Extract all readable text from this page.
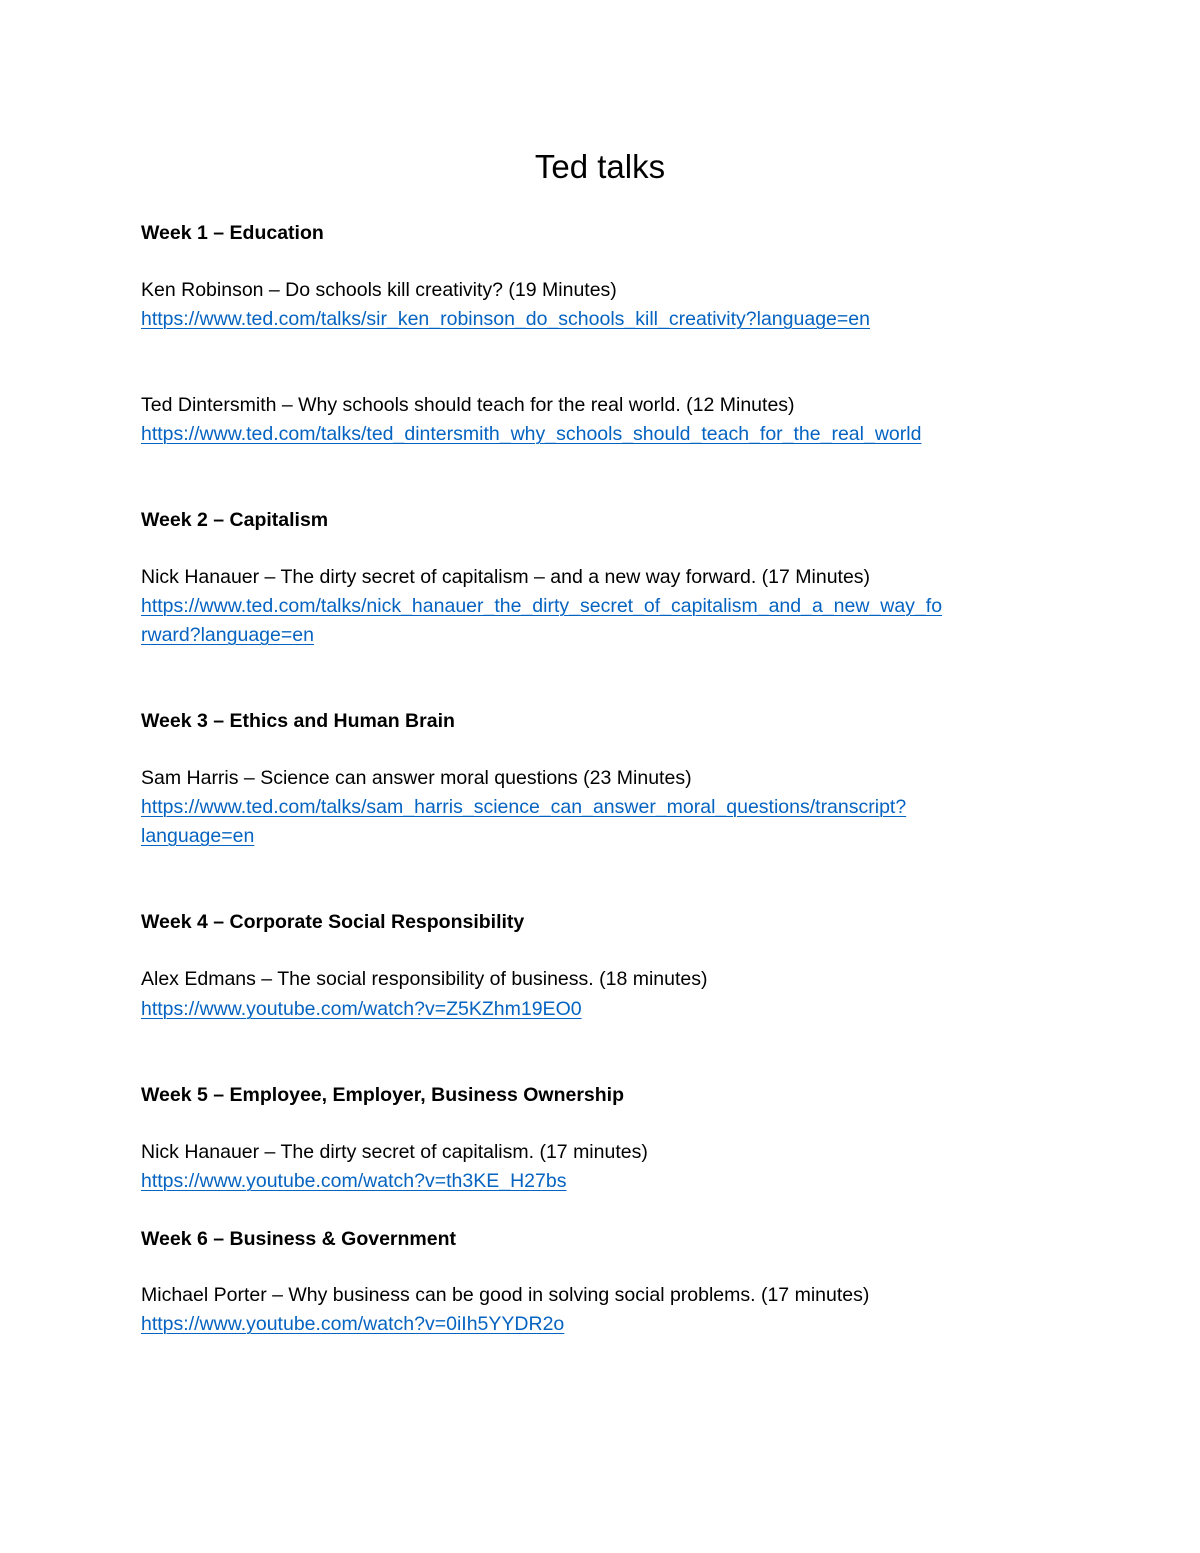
Ted talks

Week 1 – Education

Ken Robinson – Do schools kill creativity? (19 Minutes)

https://www.ted.com/talks/sir_ken_robinson_do_schools_kill_creativity?language=en

Ted Dintersmith – Why schools should teach for the real world. (12 Minutes)

https://www.ted.com/talks/ted_dintersmith_why_schools_should_teach_for_the_real_world

Week 2 – Capitalism

Nick Hanauer – The dirty secret of capitalism – and a new way forward. (17 Minutes)

https://www.ted.com/talks/nick_hanauer_the_dirty_secret_of_capitalism_and_a_new_way_fo

rward?language=en

Week 3 – Ethics and Human Brain

Sam Harris – Science can answer moral questions (23 Minutes)

https://www.ted.com/talks/sam_harris_science_can_answer_moral_questions/transcript?

language=en

Week 4 – Corporate Social Responsibility

Alex Edmans – The social responsibility of business. (18 minutes)

https://www.youtube.com/watch?v=Z5KZhm19EO0

Week 5 – Employee, Employer, Business Ownership

Nick Hanauer – The dirty secret of capitalism. (17 minutes)

https://www.youtube.com/watch?v=th3KE_H27bs

Week 6 – Business & Government

Michael Porter – Why business can be good in solving social problems. (17 minutes)

https://www.youtube.com/watch?v=0iIh5YYDR2o
